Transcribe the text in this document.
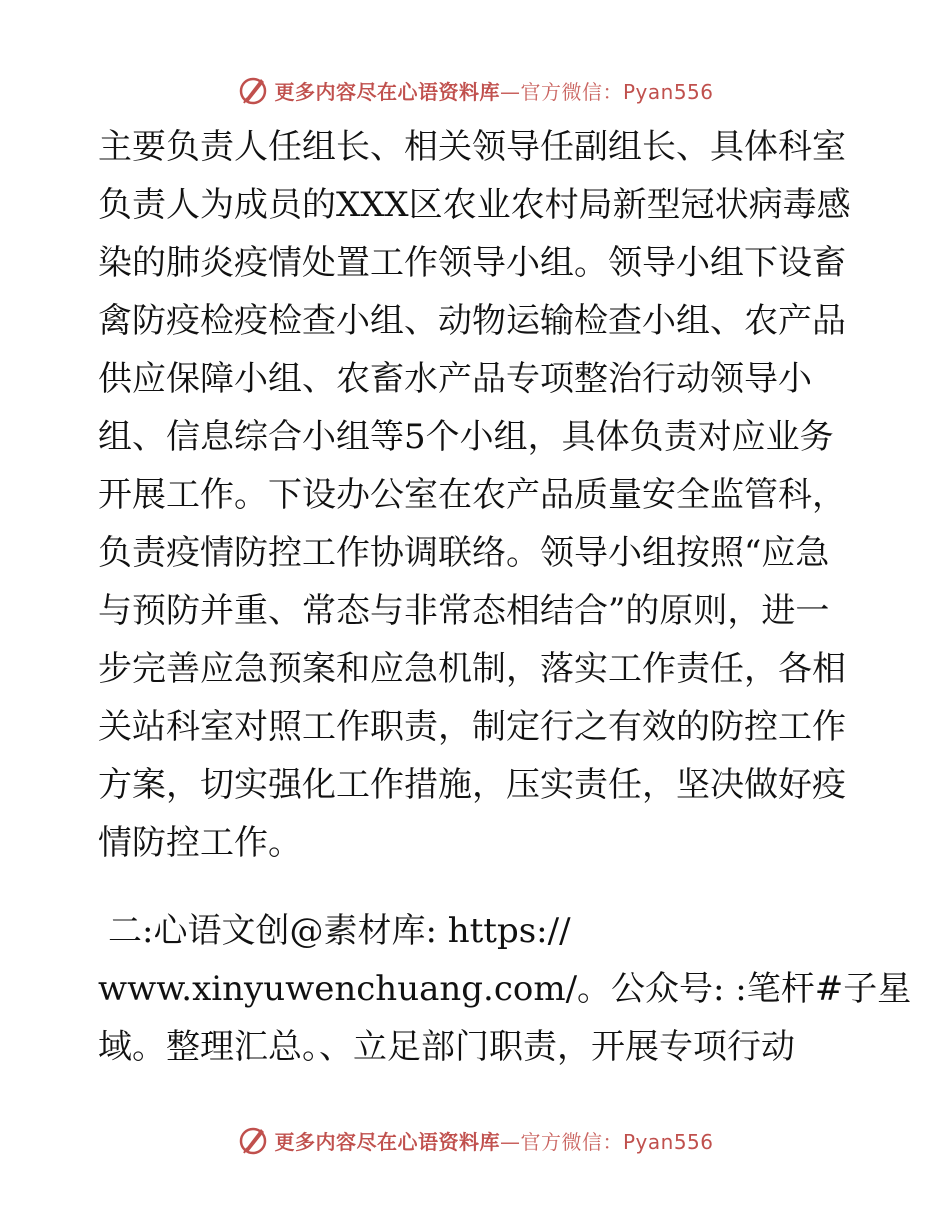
更多内容尽在心语资料库—官方微信：Pyan556
主要负责人任组长、相关领导任副组长、具体科室
负责人为成员的XXX区农业农村局新型冠状病毒感
染的肺炎疫情处置工作领导小组。领导小组下设畜
禽防疫检疫检查小组、动物运输检查小组、农产品
供应保障小组、农畜水产品专项整治行动领导小
组、信息综合小组等5个小组，具体负责对应业务
开展工作。下设办公室在农产品质量安全监管科，
负责疫情防控工作协调联络。领导小组按照“应急
与预防并重、常态与非常态相结合”的原则，进一
步完善应急预案和应急机制，落实工作责任，各相
关站科室对照工作职责，制定行之有效的防控工作
方案，切实强化工作措施，压实责任，坚决做好疫
情防控工作。
二:心语文创@素材库: https://
www.xinyuwenchuang.com/。公众号: :笔杆#子星
域。整理汇总。、立足部门职责，开展专项行动
更多内容尽在心语资料库—官方微信：Pyan556
